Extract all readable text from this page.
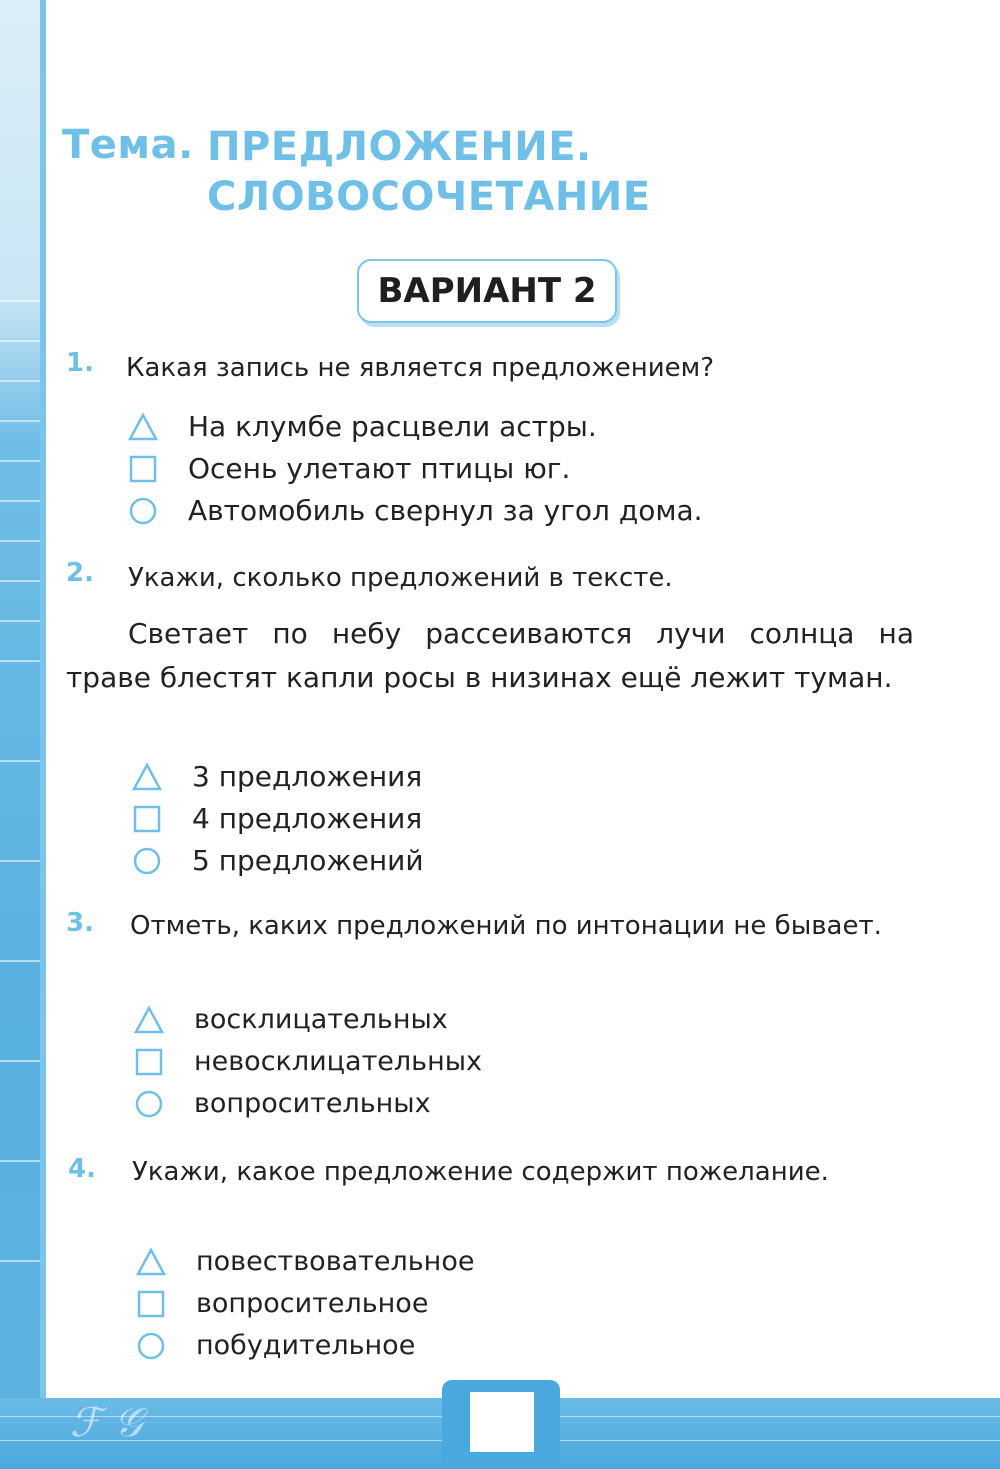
ℱ 𝒢
Тема. ПРЕДЛОЖЕНИЕ.
СЛОВОСОЧЕТАНИЕ
ВАРИАНТ 2
1. Какая запись не является предложением?
На клумбе расцвели астры.
Осень улетают птицы юг.
Автомобиль свернул за угол дома.
2. Укажи, сколько предложений в тексте.
Светает по небу рассеиваются лучи солнца на траве блестят капли росы в низинах ещё лежит туман.
3 предложения
4 предложения
5 предложений
3. Отметь, каких предложений по интонации не бывает.
восклицательных
невосклицательных
вопросительных
4. Укажи, какое предложение содержит пожелание.
повествовательное
вопросительное
побудительное
